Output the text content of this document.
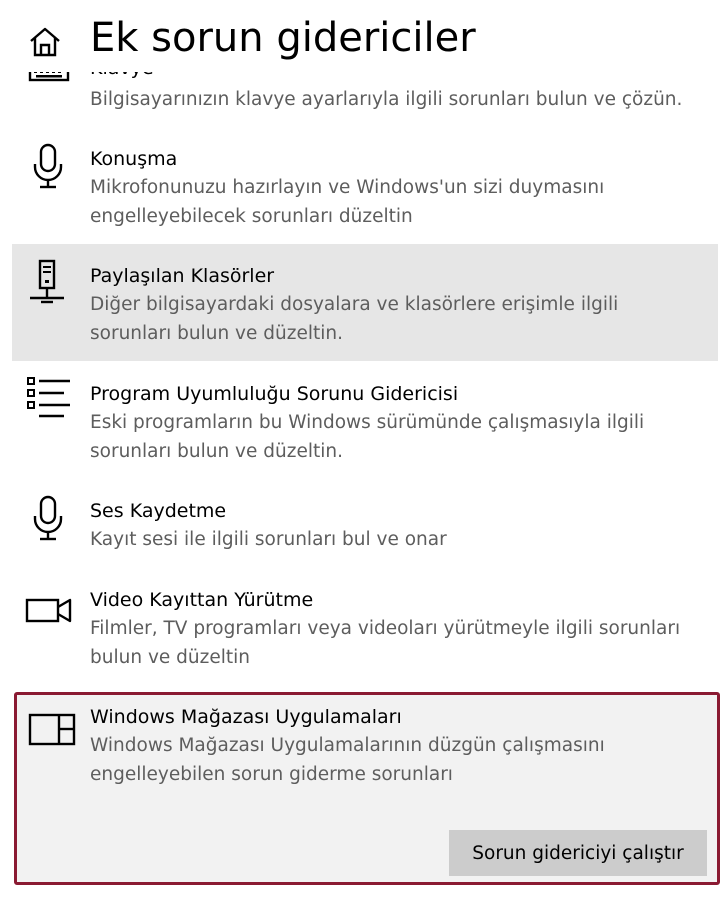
Bilgisayarınızın klavye ayarlarıyla ilgili sorunları bulun ve çözün.
Konuşma
Mikrofonunuzu hazırlayın ve Windows'un sizi duymasını engelleyebilecek sorunları düzeltin
Paylaşılan Klasörler
Diğer bilgisayardaki dosyalara ve klasörlere erişimle ilgili sorunları bulun ve düzeltin.
Program Uyumluluğu Sorunu Gidericisi
Eski programların bu Windows sürümünde çalışmasıyla ilgili sorunları bulun ve düzeltin.
Ses Kaydetme
Kayıt sesi ile ilgili sorunları bul ve onar
Video Kayıttan Yürütme
Filmler, TV programları veya videoları yürütmeyle ilgili sorunları bulun ve düzeltin
Windows Mağazası Uygulamaları
Windows Mağazası Uygulamalarının düzgün çalışmasını engelleyebilen sorun giderme sorunları
Sorun gidericiyi çalıştır
Ek sorun gidericiler
